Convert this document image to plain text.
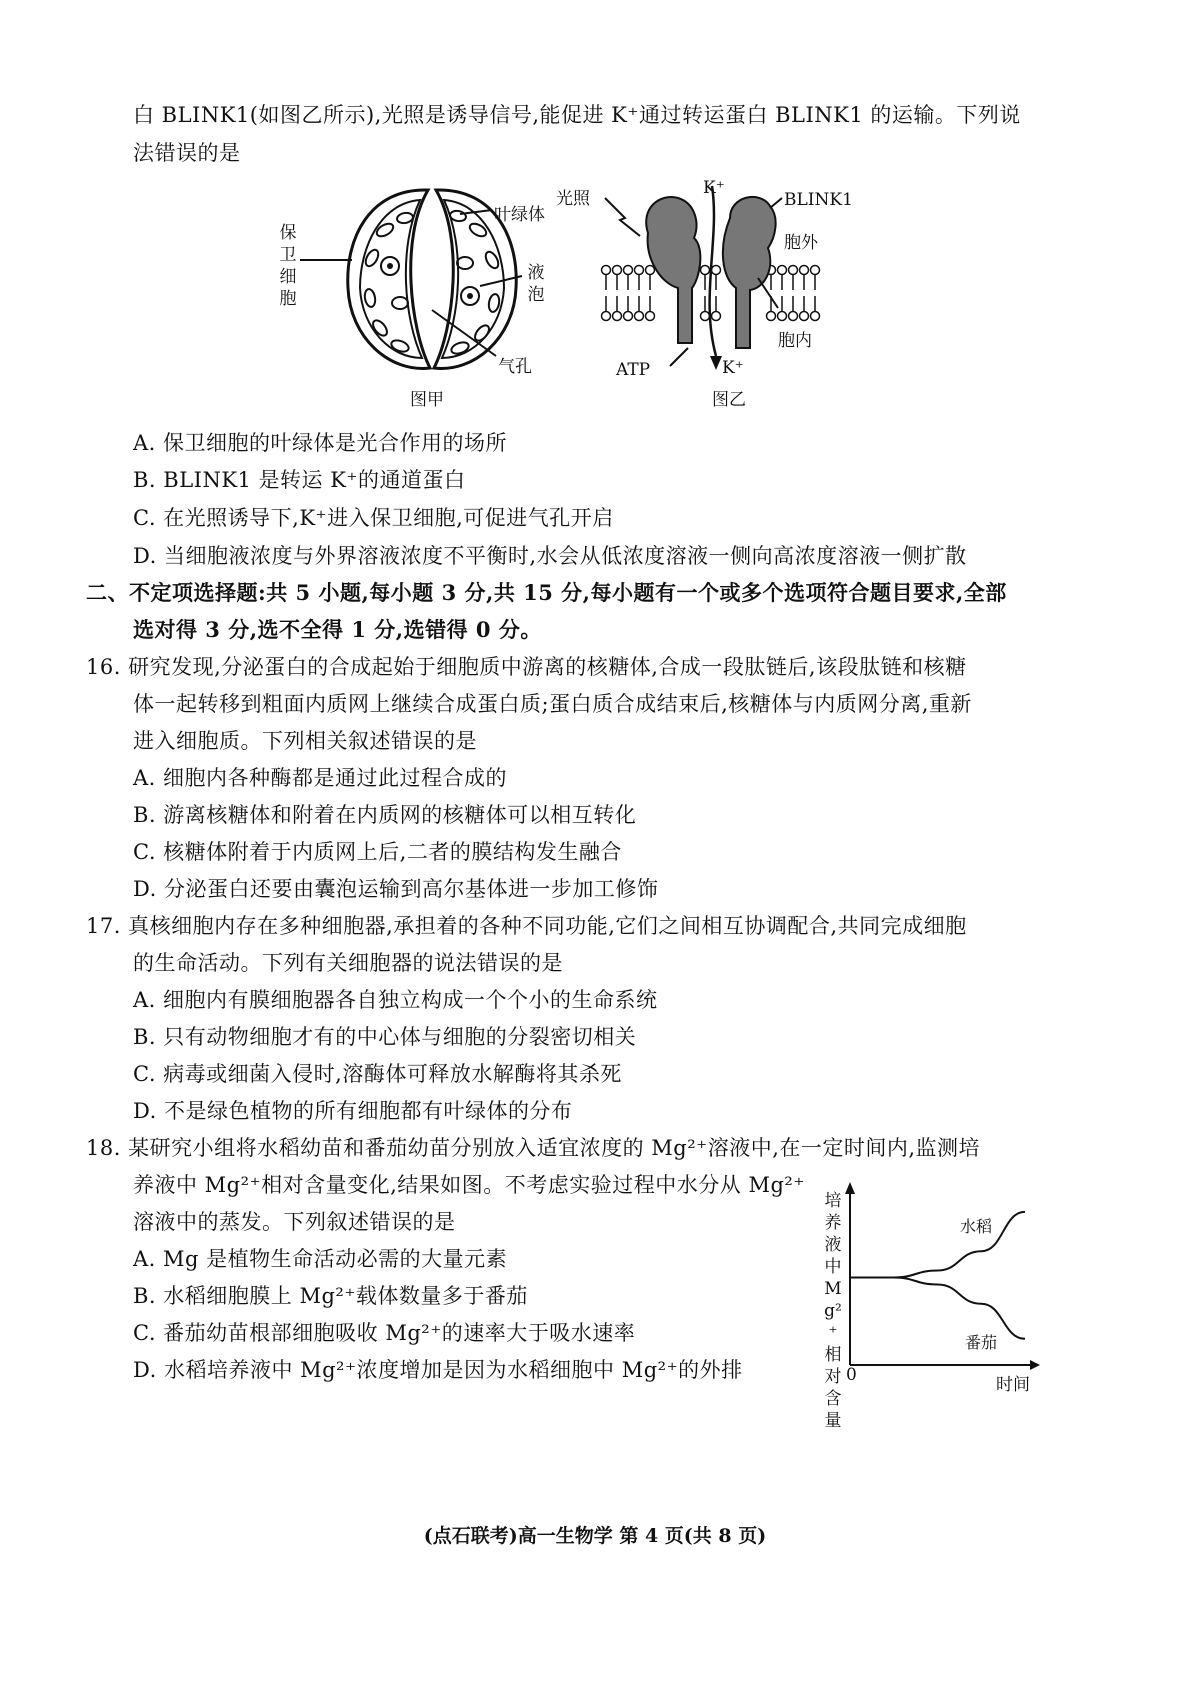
白 BLINK1(如图乙所示),光照是诱导信号,能促进 K⁺通过转运蛋白 BLINK1 的运输。下列说
法错误的是
保卫细胞
叶绿体
液泡
气孔
图甲
光照
K⁺
BLINK1
胞外
胞内
ATP	K⁺
图乙
A. 保卫细胞的叶绿体是光合作用的场所
B. BLINK1 是转运 K⁺的通道蛋白
C. 在光照诱导下,K⁺进入保卫细胞,可促进气孔开启
D. 当细胞液浓度与外界溶液浓度不平衡时,水会从低浓度溶液一侧向高浓度溶液一侧扩散
二、不定项选择题:共 5 小题,每小题 3 分,共 15 分,每小题有一个或多个选项符合题目要求,全部
选对得 3 分,选不全得 1 分,选错得 0 分。
16. 研究发现,分泌蛋白的合成起始于细胞质中游离的核糖体,合成一段肽链后,该段肽链和核糖
体一起转移到粗面内质网上继续合成蛋白质;蛋白质合成结束后,核糖体与内质网分离,重新
进入细胞质。下列相关叙述错误的是
A. 细胞内各种酶都是通过此过程合成的
B. 游离核糖体和附着在内质网的核糖体可以相互转化
C. 核糖体附着于内质网上后,二者的膜结构发生融合
D. 分泌蛋白还要由囊泡运输到高尔基体进一步加工修饰
17. 真核细胞内存在多种细胞器,承担着的各种不同功能,它们之间相互协调配合,共同完成细胞
的生命活动。下列有关细胞器的说法错误的是
A. 细胞内有膜细胞器各自独立构成一个个小的生命系统
B. 只有动物细胞才有的中心体与细胞的分裂密切相关
C. 病毒或细菌入侵时,溶酶体可释放水解酶将其杀死
D. 不是绿色植物的所有细胞都有叶绿体的分布
18. 某研究小组将水稻幼苗和番茄幼苗分别放入适宜浓度的 Mg²⁺溶液中,在一定时间内,监测培
养液中 Mg²⁺相对含量变化,结果如图。不考虑实验过程中水分从 Mg²⁺
溶液中的蒸发。下列叙述错误的是
A. Mg 是植物生命活动必需的大量元素
B. 水稻细胞膜上 Mg²⁺载体数量多于番茄
C. 番茄幼苗根部细胞吸收 Mg²⁺的速率大于吸水速率
D. 水稻培养液中 Mg²⁺浓度增加是因为水稻细胞中 Mg²⁺的外排
培养液中Mg²⁺相对含量
水稻
番茄
0	时间
(点石联考)高一生物学 第 4 页(共 8 页)
